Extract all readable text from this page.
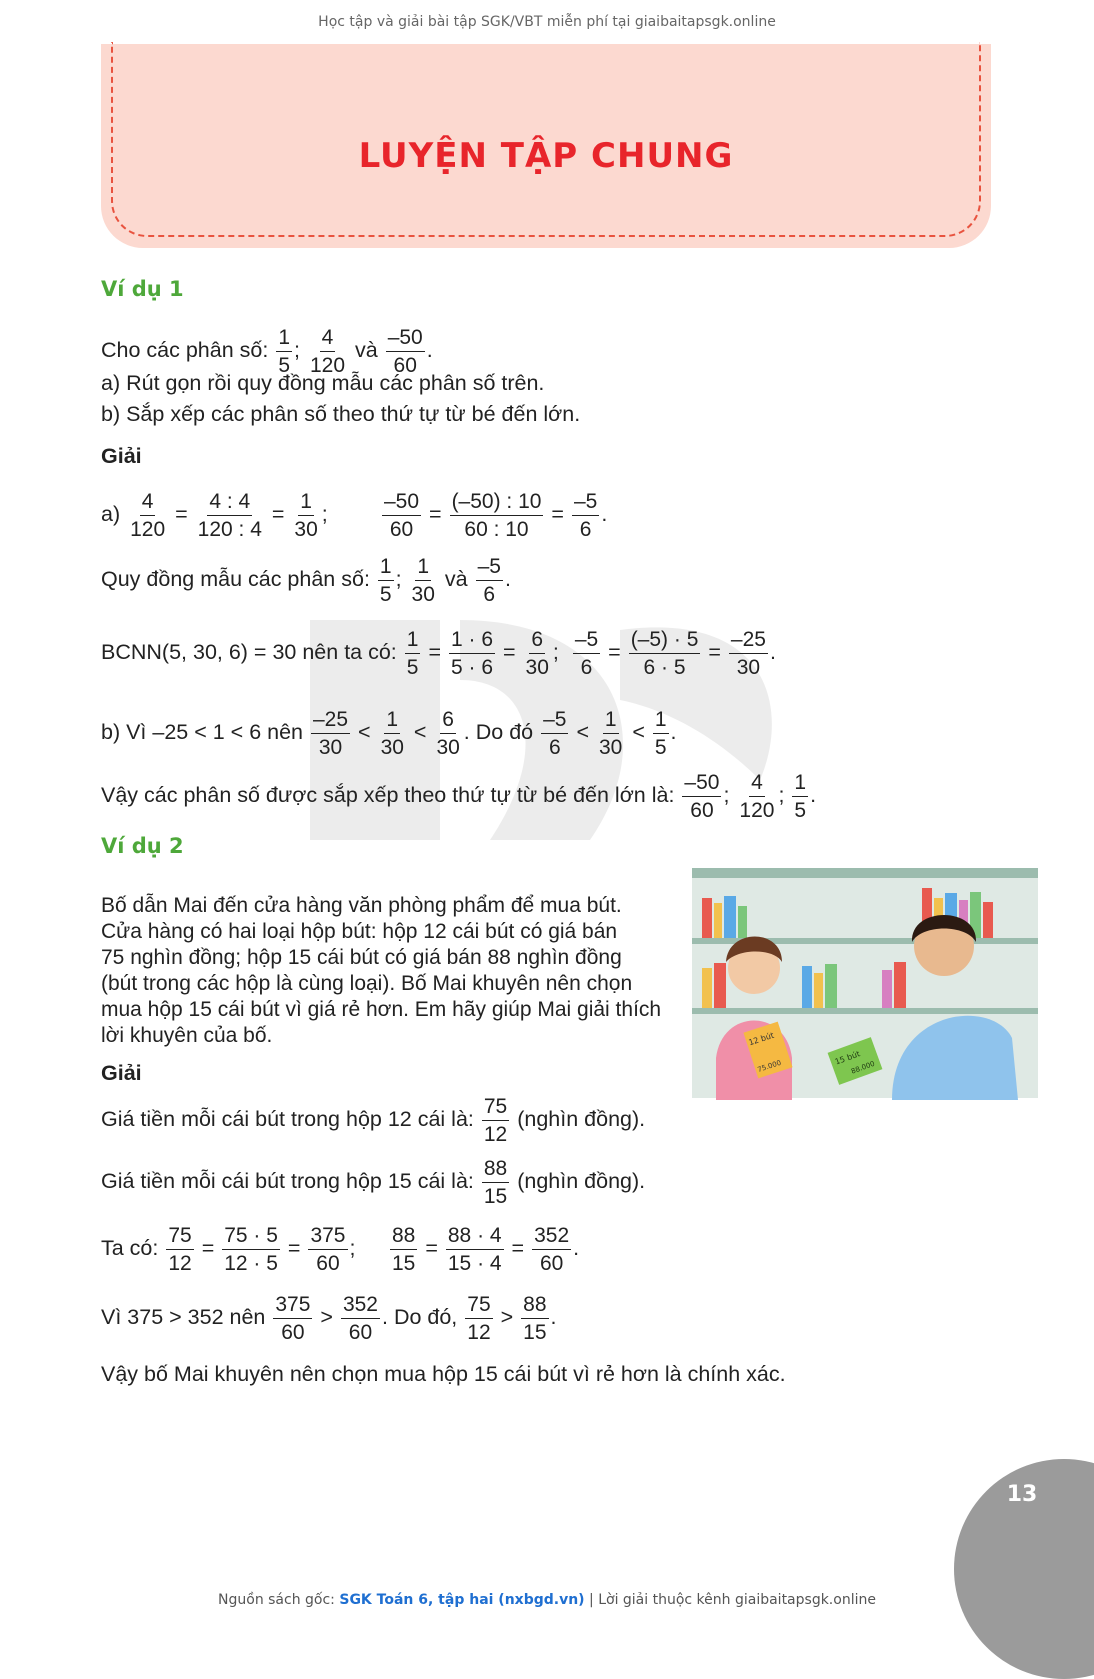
Học tập và giải bài tập SGK/VBT miễn phí tại giaibaitapsgk.online
LUYỆN TẬP CHUNG
Ví dụ 1
Cho các phân số: $\frac{1}{5}$ ; $\frac{4}{120}$ và $\frac{-50}{60}$ .
a) Rút gọn rồi quy đồng mẫu các phân số trên.
b) Sắp xếp các phân số theo thứ tự từ bé đến lớn.
Giải
$a) \frac{4}{120} = \frac{4 : 4}{120 : 4} = \frac{1}{30}$ ;	$\frac{-50}{60} = \frac{(-50) : 10}{60 : 10} = \frac{-5}{6}$ .
Quy đồng mẫu các phân số: $\frac{1}{5}$ ; $\frac{1}{30}$ và $\frac{-5}{6}$ .
BCNN(5, 30, 6) = 30 nên ta có: $\frac{1}{5} = \frac{1 \cdot 6}{5 \cdot 6} = \frac{6}{30}$ ; $\frac{-5}{6} = \frac{(-5) \cdot 5}{6 \cdot 5} = \frac{-25}{30}$ .
b) Vì –25 < 1 < 6 nên $\frac{-25}{30} < \frac{1}{30} < \frac{6}{30}$ . Do đó $\frac{-5}{6} < \frac{1}{30} < \frac{1}{5}$ .
Vậy các phân số được sắp xếp theo thứ tự từ bé đến lớn là: $\frac{-50}{60}$ ; $\frac{4}{120}$ ; $\frac{1}{5}$ .
Ví dụ 2
Bố dẫn Mai đến cửa hàng văn phòng phẩm để mua bút.
Cửa hàng có hai loại hộp bút: hộp 12 cái bút có giá bán
75 nghìn đồng; hộp 15 cái bút có giá bán 88 nghìn đồng
(bút trong các hộp là cùng loại). Bố Mai khuyên nên chọn
mua hộp 15 cái bút vì giá rẻ hơn. Em hãy giúp Mai giải thích
lời khuyên của bố.	12 bút
75.000	15 bút
88.000
Giải
Giá tiền mỗi cái bút trong hộp 12 cái là: $\frac{75}{12}$ (nghìn đồng).
Giá tiền mỗi cái bút trong hộp 15 cái là: $\frac{88}{15}$ (nghìn đồng).
Ta có: $\frac{75}{12} = \frac{75 \cdot 5}{12 \cdot 5} = \frac{375}{60}$ ; $\frac{88}{15} = \frac{88 \cdot 4}{15 \cdot 4} = \frac{352}{60}$ .
Vì 375 > 352 nên $\frac{375}{60} > \frac{352}{60}$ . Do đó, $\frac{75}{12} > \frac{88}{15}$ .
Vậy bố Mai khuyên nên chọn mua hộp 15 cái bút vì rẻ hơn là chính xác.
13
Nguồn sách gốc: SGK Toán 6, tập hai (nxbgd.vn) | Lời giải thuộc kênh giaibaitapsgk.online
